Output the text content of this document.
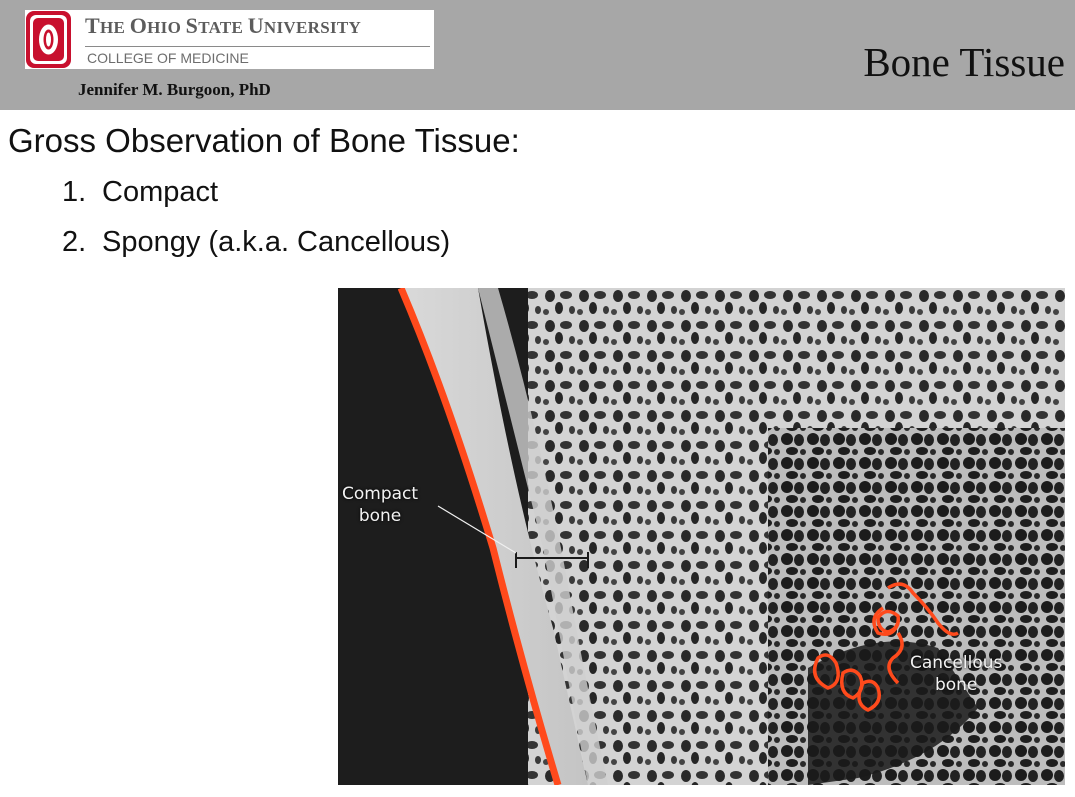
THE OHIO STATE UNIVERSITY
COLLEGE OF MEDICINE
Jennifer M. Burgoon, PhD
Bone Tissue
Gross Observation of Bone Tissue:
1. Compact
2. Spongy (a.k.a. Cancellous)
Compact
bone
Cancellous
bone
